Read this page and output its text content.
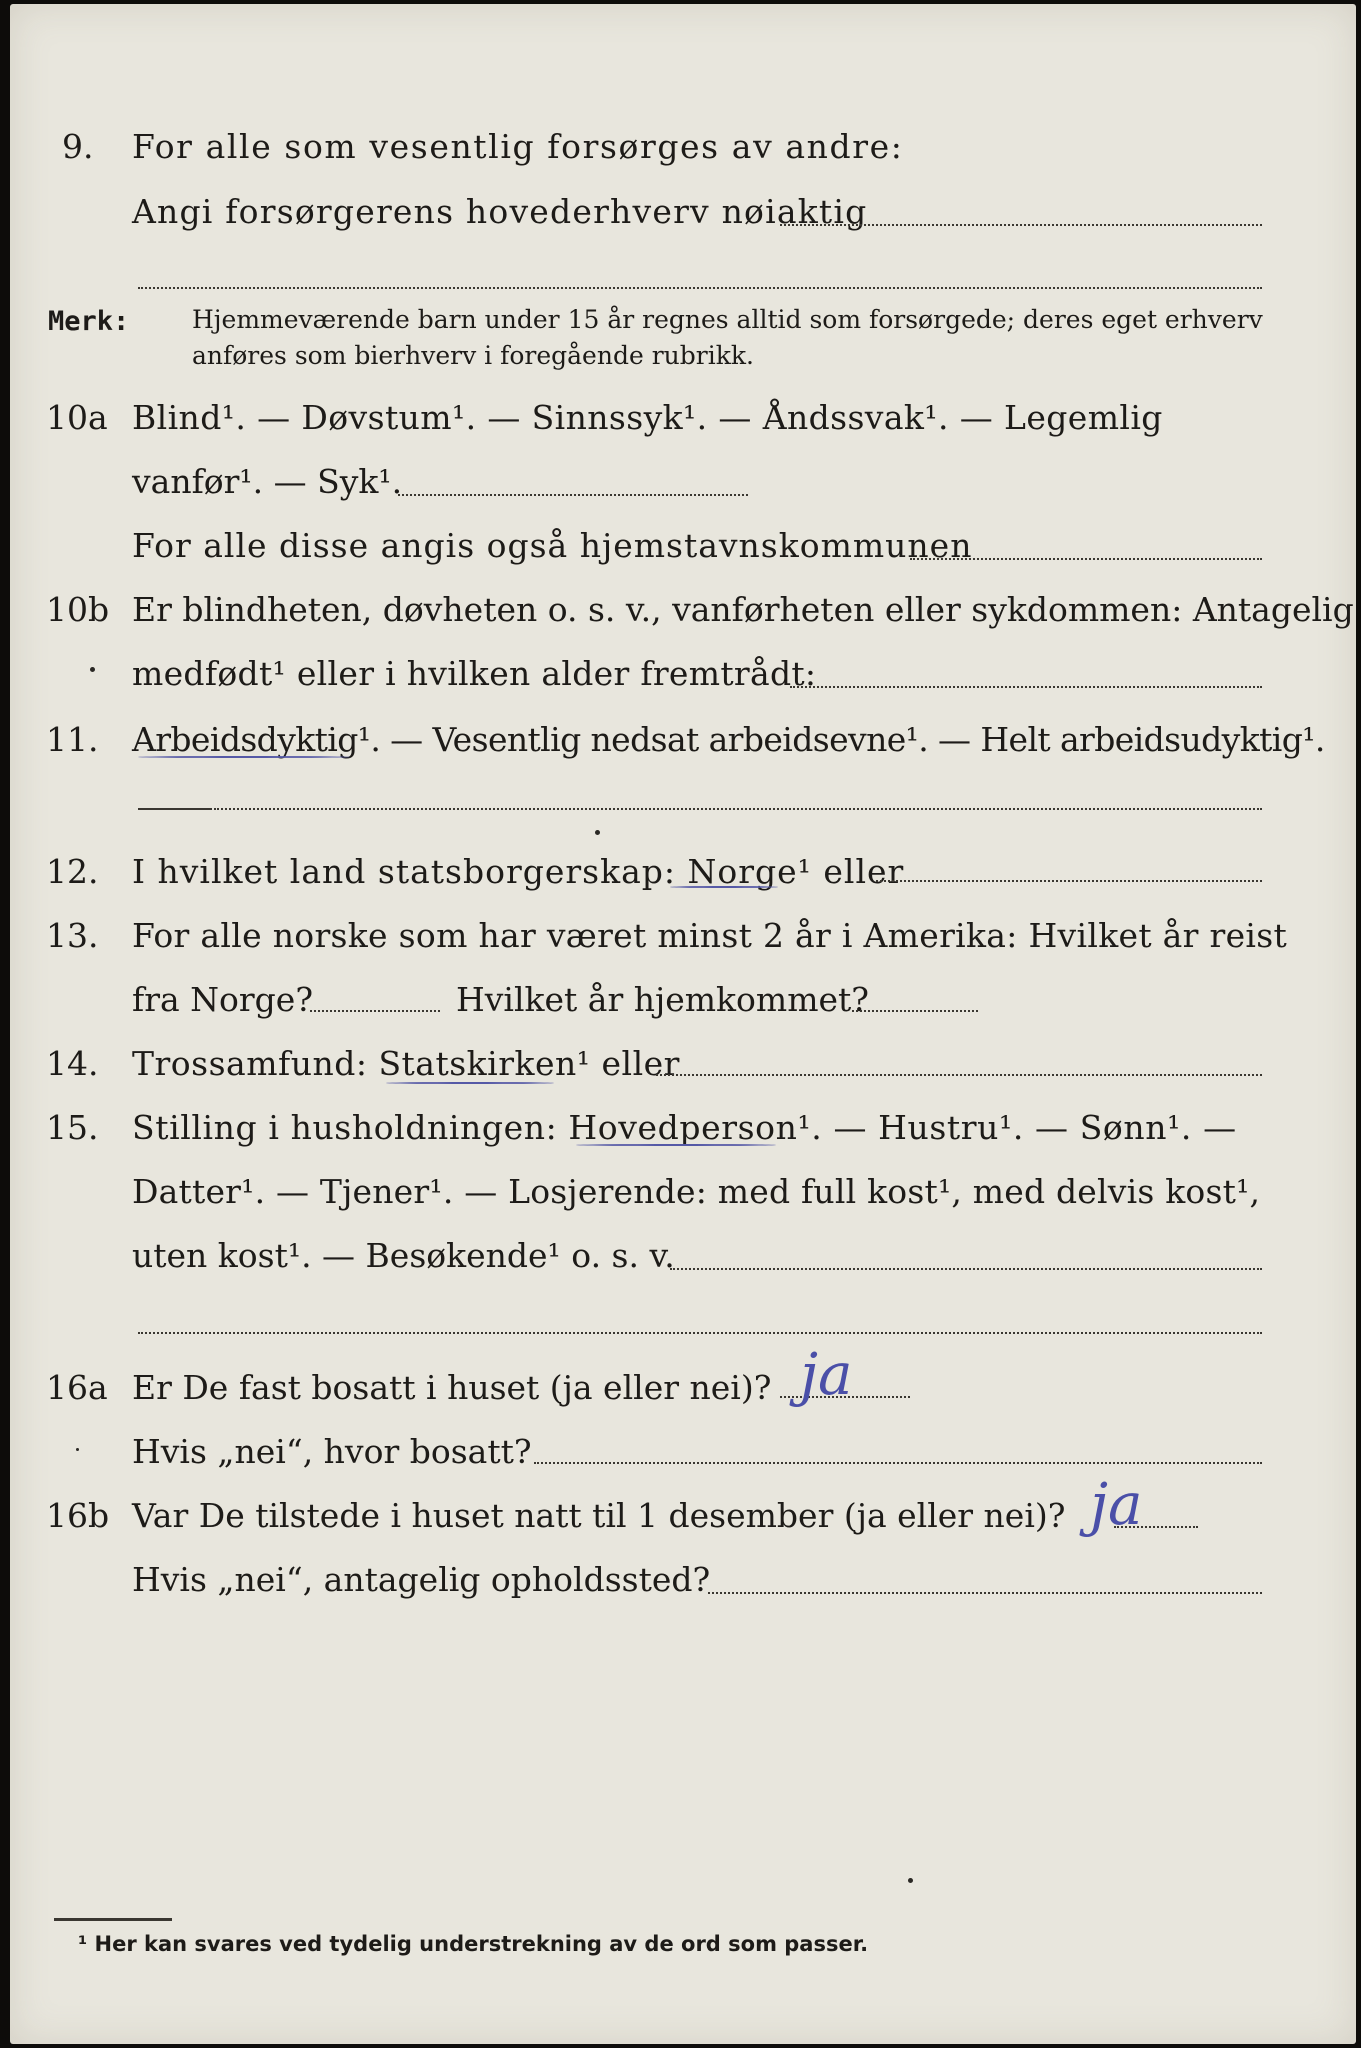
9. For alle som vesentlig forsørges av andre:
Angi forsørgerens hovederhverv nøiaktig
Merk:	Hjemmeværende barn under 15 år regnes alltid som forsørgede; deres eget erhverv
anføres som bierhverv i foregående rubrikk.
10a Blind¹. — Døvstum¹. — Sinnssyk¹. — Åndssvak¹. — Legemlig
vanfør¹. — Syk¹.
For alle disse angis også hjemstavnskommunen
10b Er blindheten, døvheten o. s. v., vanførheten eller sykdommen: Antagelig
medfødt¹ eller i hvilken alder fremtrådt:
11. Arbeidsdyktig¹. — Vesentlig nedsat arbeidsevne¹. — Helt arbeidsudyktig¹.
12. I hvilket land statsborgerskap: Norge¹ eller
13. For alle norske som har været minst 2 år i Amerika: Hvilket år reist
fra Norge?	Hvilket år hjemkommet?
14. Trossamfund: Statskirken¹ eller
15. Stilling i husholdningen: Hovedperson¹. — Hustru¹. — Sønn¹. —
Datter¹. — Tjener¹. — Losjerende: med full kost¹, med delvis kost¹,
uten kost¹. — Besøkende¹ o. s. v.
16a Er De fast bosatt i huset (ja eller nei)? ja
Hvis „nei“, hvor bosatt?
16b Var De tilstede i huset natt til 1 desember (ja eller nei)? ja
Hvis „nei“, antagelig opholdssted?
¹ Her kan svares ved tydelig understrekning av de ord som passer.
